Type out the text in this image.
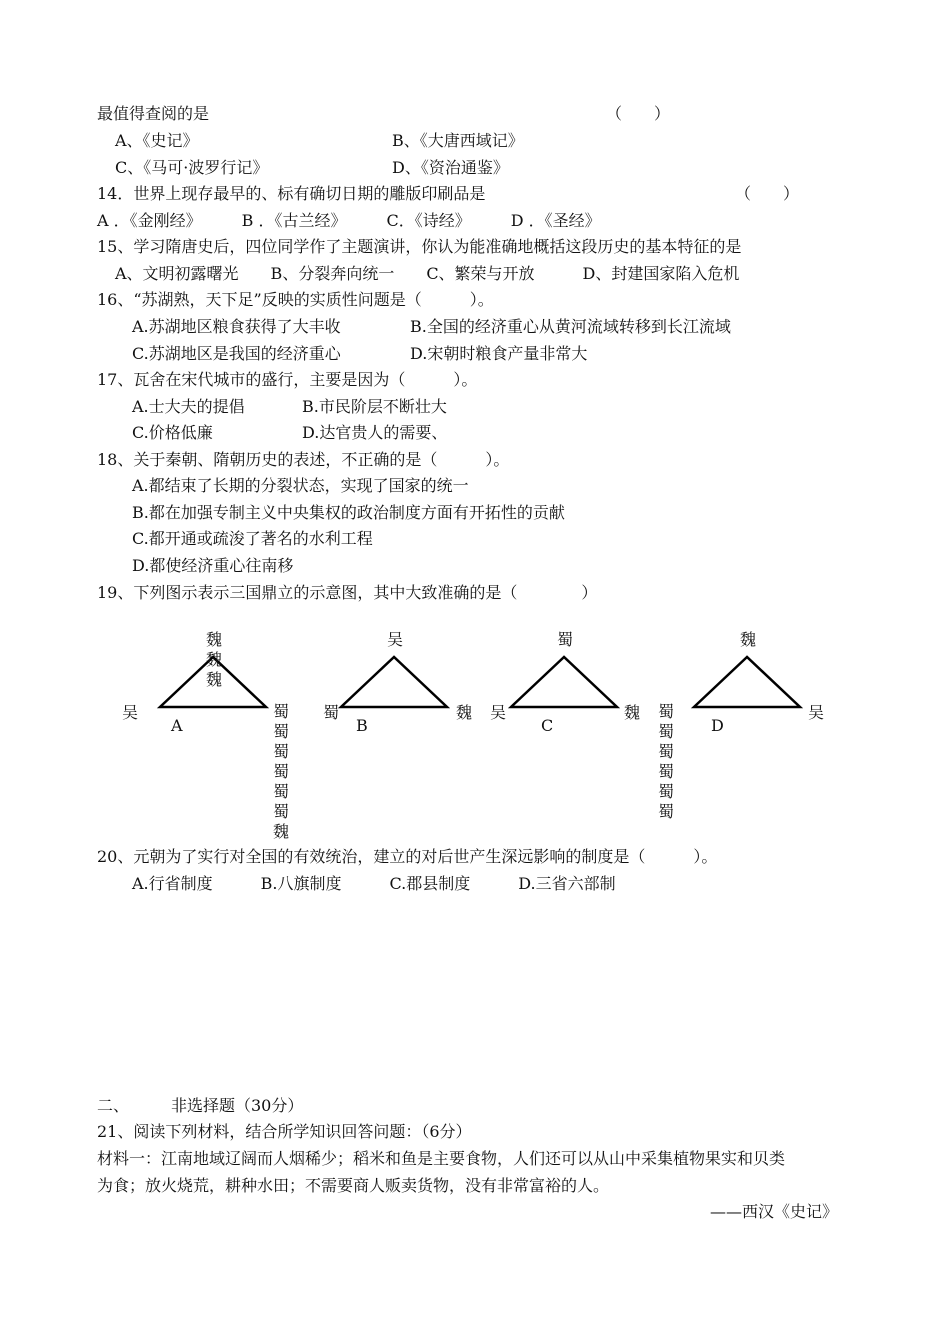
最值得查阅的是	（　　）
A、《史记》	B、《大唐西域记》
C、《马可·波罗行记》	D、《资治通鉴》
14．世界上现存最早的、标有确切日期的雕版印刷品是	（　　）
A ．《金刚经》　　　B ．《古兰经》　　　C．《诗经》　　　D ．《圣经》
15、学习隋唐史后，四位同学作了主题演讲，你认为能准确地概括这段历史的基本特征的是
A、文明初露曙光　　B、分裂奔向统一　　C、繁荣与开放　　　D、封建国家陷入危机
16、“苏湖熟，天下足”反映的实质性问题是（　　　）。
A.苏湖地区粮食获得了大丰收	B.全国的经济重心从黄河流域转移到长江流域
C.苏湖地区是我国的经济重心	D.宋朝时粮食产量非常大
17、瓦舍在宋代城市的盛行，主要是因为（　　　）。
A.士大夫的提倡	B.市民阶层不断壮大
C.价格低廉	D.达官贵人的需要、
18、关于秦朝、隋朝历史的表述，不正确的是（　　　）。
A.都结束了长期的分裂状态，实现了国家的统一
B.都在加强专制主义中央集权的政治制度方面有开拓性的贡献
C.都开通或疏浚了著名的水利工程
D.都使经济重心往南移
19、下列图示表示三国鼎立的示意图，其中大致准确的是（　　　　）
魏
魏
魏
吴
A
蜀
蜀
蜀
蜀
蜀
蜀
魏
吴
蜀
B
魏
蜀
吴
C
魏
魏
蜀
蜀
蜀
蜀
蜀
蜀
D
吴
20、元朝为了实行对全国的有效统治，建立的对后世产生深远影响的制度是（　　　）。
A.行省制度　　　B.八旗制度　　　C.郡县制度　　　D.三省六部制
二、	非选择题（30分）
21、阅读下列材料，结合所学知识回答问题：（6分）
材料一：江南地域辽阔而人烟稀少；稻米和鱼是主要食物，人们还可以从山中采集植物果实和贝类
为食；放火烧荒，耕种水田；不需要商人贩卖货物，没有非常富裕的人。
——西汉《史记》
